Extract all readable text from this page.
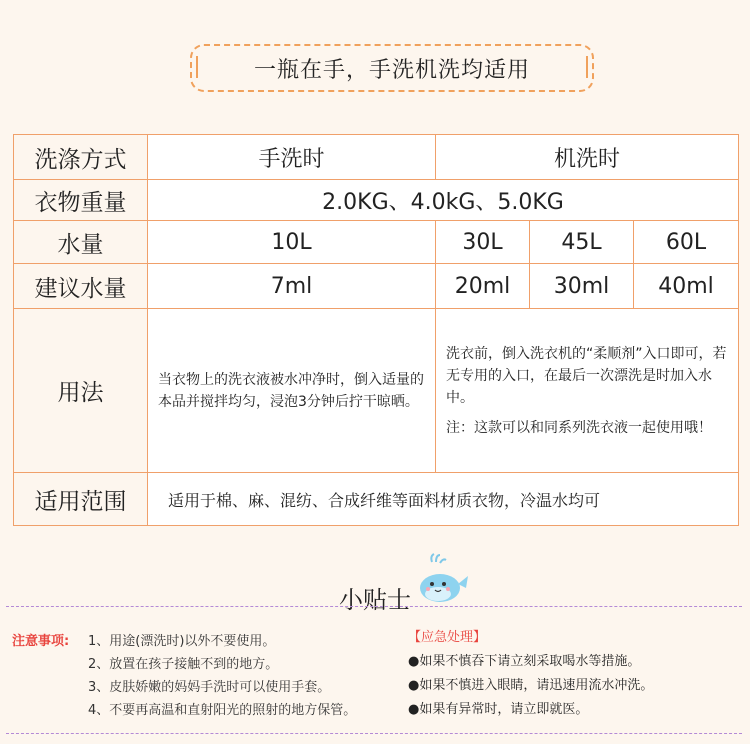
一瓶在手，手洗机洗均适用
洗涤方式	手洗时	机洗时		
衣物重量	2.0KG、4.0kG、5.0KG			
水量	10L	30L	45L	60L
建议水量	7ml	20ml	30ml	40ml
用法	当衣物上的洗衣液被水冲净时，倒入适量的本品并搅拌均匀，浸泡3分钟后拧干晾晒。	洗衣前，倒入洗衣机的“柔顺剂”入口即可，若无专用的入口，在最后一次漂洗是时加入水中。

注：这款可以和同系列洗衣液一起使用哦！		

适用范围	适用于棉、麻、混纺、合成纤维等面料材质衣物，冷温水均可			
小贴士
注意事项:	1、用途(漂洗时)以外不要使用。
2、放置在孩子接触不到的地方。
3、皮肤娇嫩的妈妈手洗时可以使用手套。
4、不要再高温和直射阳光的照射的地方保管。
【应急处理】
●如果不慎吞下请立刻采取喝水等措施。
●如果不慎进入眼睛，请迅速用流水冲洗。
●如果有异常时，请立即就医。
